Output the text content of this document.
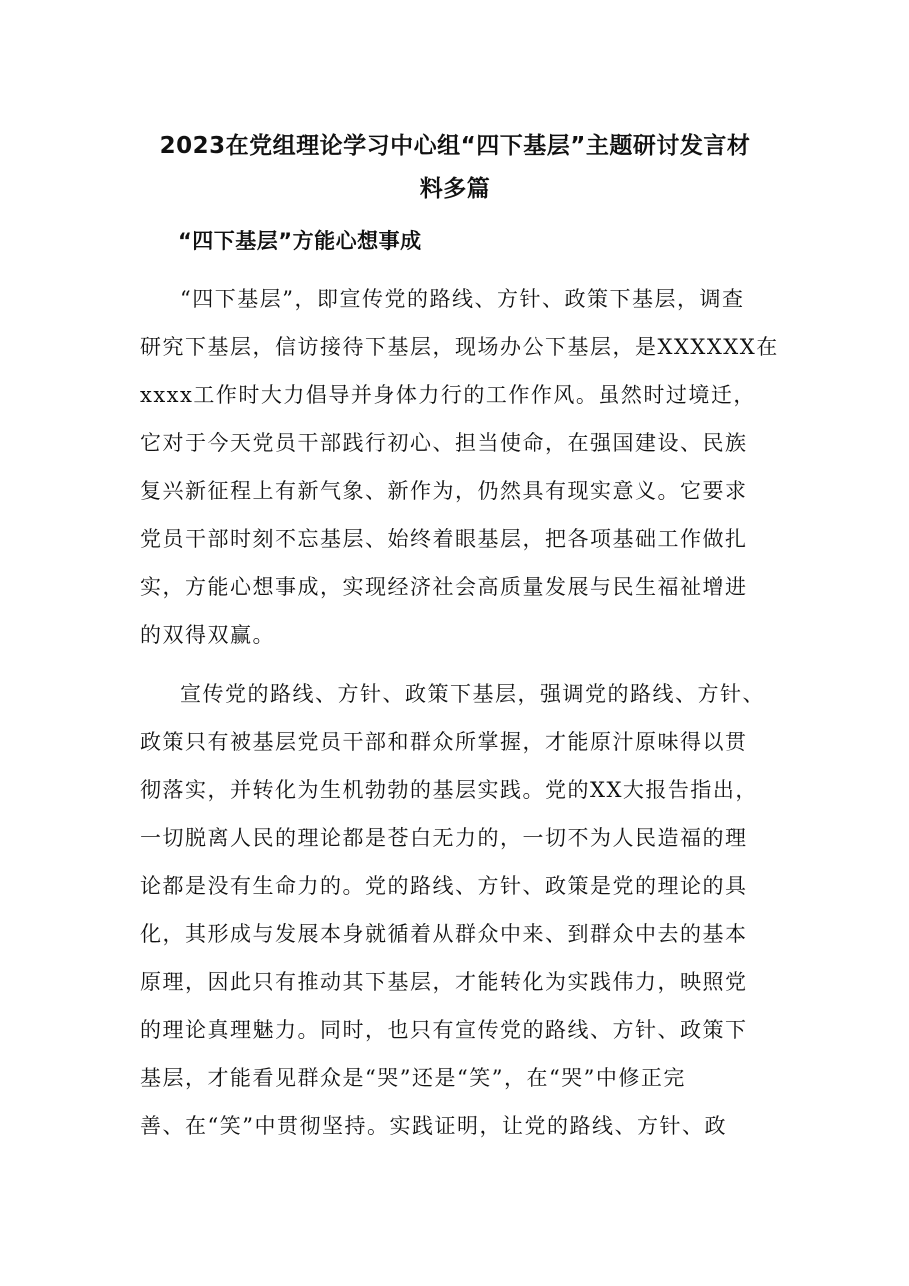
2023在党组理论学习中心组“四下基层”主题研讨发言材
料多篇
“四下基层”方能心想事成

“四下基层”，即宣传党的路线、方针、政策下基层，调查

研究下基层，信访接待下基层，现场办公下基层，是XXXXXX在

xxxx工作时大力倡导并身体力行的工作作风。虽然时过境迁，

它对于今天党员干部践行初心、担当使命，在强国建设、民族

复兴新征程上有新气象、新作为，仍然具有现实意义。它要求

党员干部时刻不忘基层、始终着眼基层，把各项基础工作做扎

实，方能心想事成，实现经济社会高质量发展与民生福祉增进

的双得双赢。

宣传党的路线、方针、政策下基层，强调党的路线、方针、

政策只有被基层党员干部和群众所掌握，才能原汁原味得以贯

彻落实，并转化为生机勃勃的基层实践。党的XX大报告指出，

一切脱离人民的理论都是苍白无力的，一切不为人民造福的理

论都是没有生命力的。党的路线、方针、政策是党的理论的具

化，其形成与发展本身就循着从群众中来、到群众中去的基本

原理，因此只有推动其下基层，才能转化为实践伟力，映照党

的理论真理魅力。同时，也只有宣传党的路线、方针、政策下

基层，才能看见群众是“哭”还是“笑”，在“哭”中修正完

善、在“笑”中贯彻坚持。实践证明，让党的路线、方针、政
